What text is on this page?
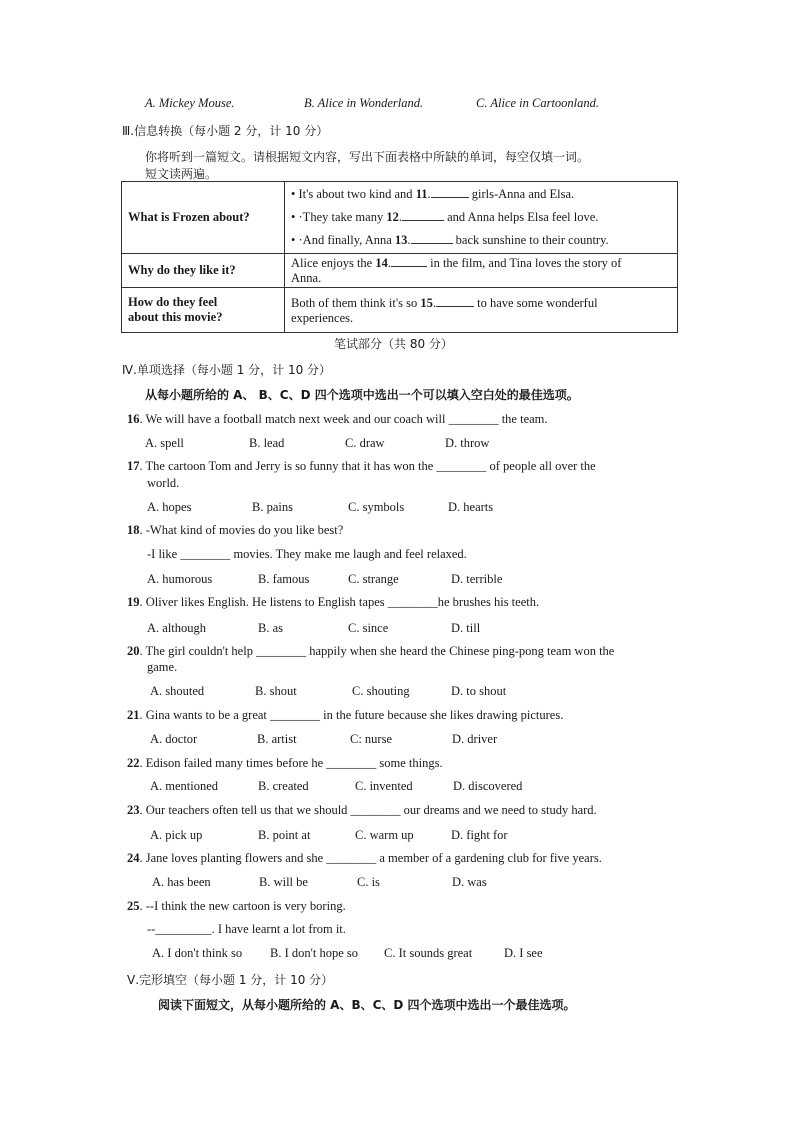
A. Mickey Mouse.	B. Alice in Wonderland.	C. Alice in Cartoonland.
Ⅲ.信息转换（每小题 2 分，计 10 分）
你将听到一篇短文。请根据短文内容，写出下面表格中所缺的单词，每空仅填一词。
短文读两遍。
What is Frozen about?	• It's about two kind and 11. girls-Anna and Elsa.
• ·They take many 12. and Anna helps Elsa feel love.
• ·And finally, Anna 13. back sunshine to their country.

Why do they like it?	Alice enjoys the 14. in the film, and Tina loves the story of
Anna.
How do they feel
about this movie?	Both of them think it's so 15. to have some wonderful
experiences.
笔试部分（共 80 分）
Ⅳ.单项选择（每小题 1 分，计 10 分）
从每小题所给的 A、 B、C、D 四个选项中选出一个可以填入空白处的最佳选项。
16. We will have a football match next week and our coach will ________ the team.
A. spell	B. lead	C. draw	D. throw
17. The cartoon Tom and Jerry is so funny that it has won the ________ of people all over the
world.
A. hopes	B. pains	C. symbols	D. hearts
18. -What kind of movies do you like best?
-I like ________ movies. They make me laugh and feel relaxed.
A. humorous	B. famous	C. strange	D. terrible
19. Oliver likes English. He listens to English tapes ________he brushes his teeth.
A. although	B. as	C. since	D. till
20. The girl couldn't help ________ happily when she heard the Chinese ping-pong team won the
game.
A. shouted	B. shout	C. shouting	D. to shout
21. Gina wants to be a great ________ in the future because she likes drawing pictures.
A. doctor	B. artist	C: nurse	D. driver
22. Edison failed many times before he ________ some things.
A. mentioned	B. created	C. invented	D. discovered
23. Our teachers often tell us that we should ________ our dreams and we need to study hard.
A. pick up	B. point at	C. warm up	D. fight for
24. Jane loves planting flowers and she ________ a member of a gardening club for five years.
A. has been	B. will be	C. is	D. was
25. --I think the new cartoon is very boring.
--_________. I have learnt a lot from it.
A. I don't think so B. I don't hope so C. It sounds great	D. I see
Ⅴ.完形填空（每小题 1 分，计 10 分）
阅读下面短文，从每小题所给的 A、B、C、D 四个选项中选出一个最佳选项。
